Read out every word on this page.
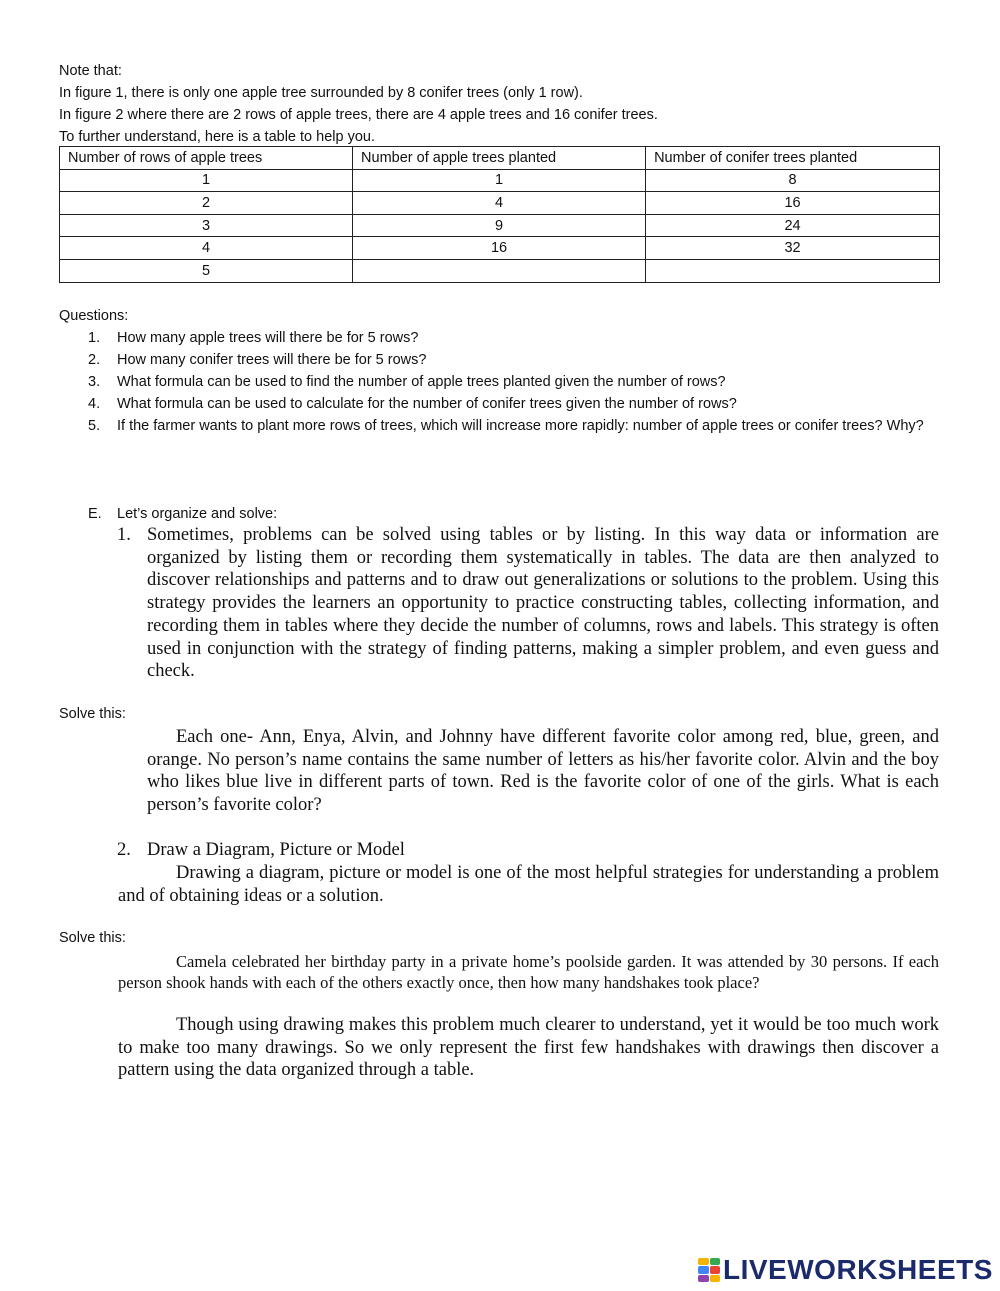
Note that:
In figure 1, there is only one apple tree surrounded by 8 conifer trees (only 1 row).
In figure 2 where there are 2 rows of apple trees, there are 4 apple trees and 16 conifer trees.
To further understand, here is a table to help you.
Number of rows of apple trees	Number of apple trees planted	Number of conifer trees planted
1	1	8
2	4	16
3	9	24
4	16	32
5		
Questions:
1. How many apple trees will there be for 5 rows?
2. How many conifer trees will there be for 5 rows?
3. What formula can be used to find the number of apple trees planted given the number of rows?
4. What formula can be used to calculate for the number of conifer trees given the number of rows?
5. If the farmer wants to plant more rows of trees, which will increase more rapidly: number of apple trees or conifer trees? Why?
E. Let’s organize and solve:
1. Sometimes, problems can be solved using tables or by listing. In this way data or information are organized by listing them or recording them systematically in tables. The data are then analyzed to discover relationships and patterns and to draw out generalizations or solutions to the problem. Using this strategy provides the learners an opportunity to practice constructing tables, collecting information, and recording them in tables where they decide the number of columns, rows and labels. This strategy is often used in conjunction with the strategy of finding patterns, making a simpler problem, and even guess and check.
Solve this:
Each one- Ann, Enya, Alvin, and Johnny have different favorite color among red, blue, green, and orange. No person’s name contains the same number of letters as his/her favorite color. Alvin and the boy who likes blue live in different parts of town. Red is the favorite color of one of the girls. What is each person’s favorite color?
2. Draw a Diagram, Picture or Model
Drawing a diagram, picture or model is one of the most helpful strategies for understanding a problem and of obtaining ideas or a solution.
Solve this:
Camela celebrated her birthday party in a private home’s poolside garden. It was attended by 30 persons. If each person shook hands with each of the others exactly once, then how many handshakes took place?
Though using drawing makes this problem much clearer to understand, yet it would be too much work to make too many drawings. So we only represent the first few handshakes with drawings then discover a pattern using the data organized through a table.
LIVEWORKSHEETS
